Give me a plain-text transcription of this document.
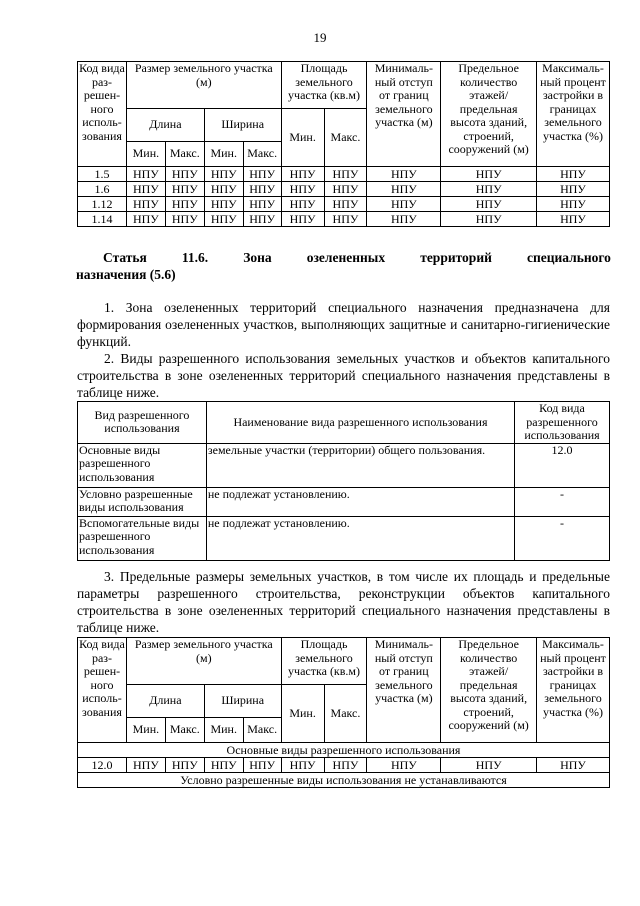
19
Код вида раз-решен-ного исполь-зования	Размер земельного участка (м)				Площадь земельного участка (кв.м)		Минималь-ный отступ от границ земельного участка (м)	Предельное количество этажей/ предельная высота зданий, строений, сооружений (м)	Максималь-ный процент застройки в границах земельного участка (%)
	Длина		Ширина		Мин.	Макс.			
	Мин.	Макс.	Мин.	Макс.					
1.5	НПУ	НПУ	НПУ	НПУ	НПУ	НПУ	НПУ	НПУ	НПУ
1.6	НПУ	НПУ	НПУ	НПУ	НПУ	НПУ	НПУ	НПУ	НПУ
1.12	НПУ	НПУ	НПУ	НПУ	НПУ	НПУ	НПУ	НПУ	НПУ
1.14	НПУ	НПУ	НПУ	НПУ	НПУ	НПУ	НПУ	НПУ	НПУ
Статья	11.6.	Зона	озелененных	территорий	специального
назначения (5.6)
1. Зона озелененных территорий специального назначения предназначена для формирования озелененных участков, выполняющих защитные и санитарно-гигиенические функций.
2. Виды разрешенного использования земельных участков и объектов капитального строительства в зоне озелененных территорий специального назначения представлены в таблице ниже.
Вид разрешенного использования	Наименование вида разрешенного использования	Код вида разрешенного использования
Основные виды разрешенного использования	земельные участки (территории) общего пользования.	12.0
Условно разрешенные виды использования	не подлежат установлению.	-
Вспомогательные виды разрешенного использования	не подлежат установлению.	-
3. Предельные размеры земельных участков, в том числе их площадь и предельные параметры разрешенного строительства, реконструкции объектов капитального строительства в зоне озелененных территорий специального назначения представлены в таблице ниже.
Код вида раз-решен-ного исполь-зования	Размер земельного участка (м)				Площадь земельного участка (кв.м)		Минималь-ный отступ от границ земельного участка (м)	Предельное количество этажей/ предельная высота зданий, строений, сооружений (м)	Максималь-ный процент застройки в границах земельного участка (%)
	Длина		Ширина		Мин.	Макс.			
	Мин.	Макс.	Мин.	Макс.					
Основные виды разрешенного использования									
12.0	НПУ	НПУ	НПУ	НПУ	НПУ	НПУ	НПУ	НПУ	НПУ
Условно разрешенные виды использования не устанавливаются									
